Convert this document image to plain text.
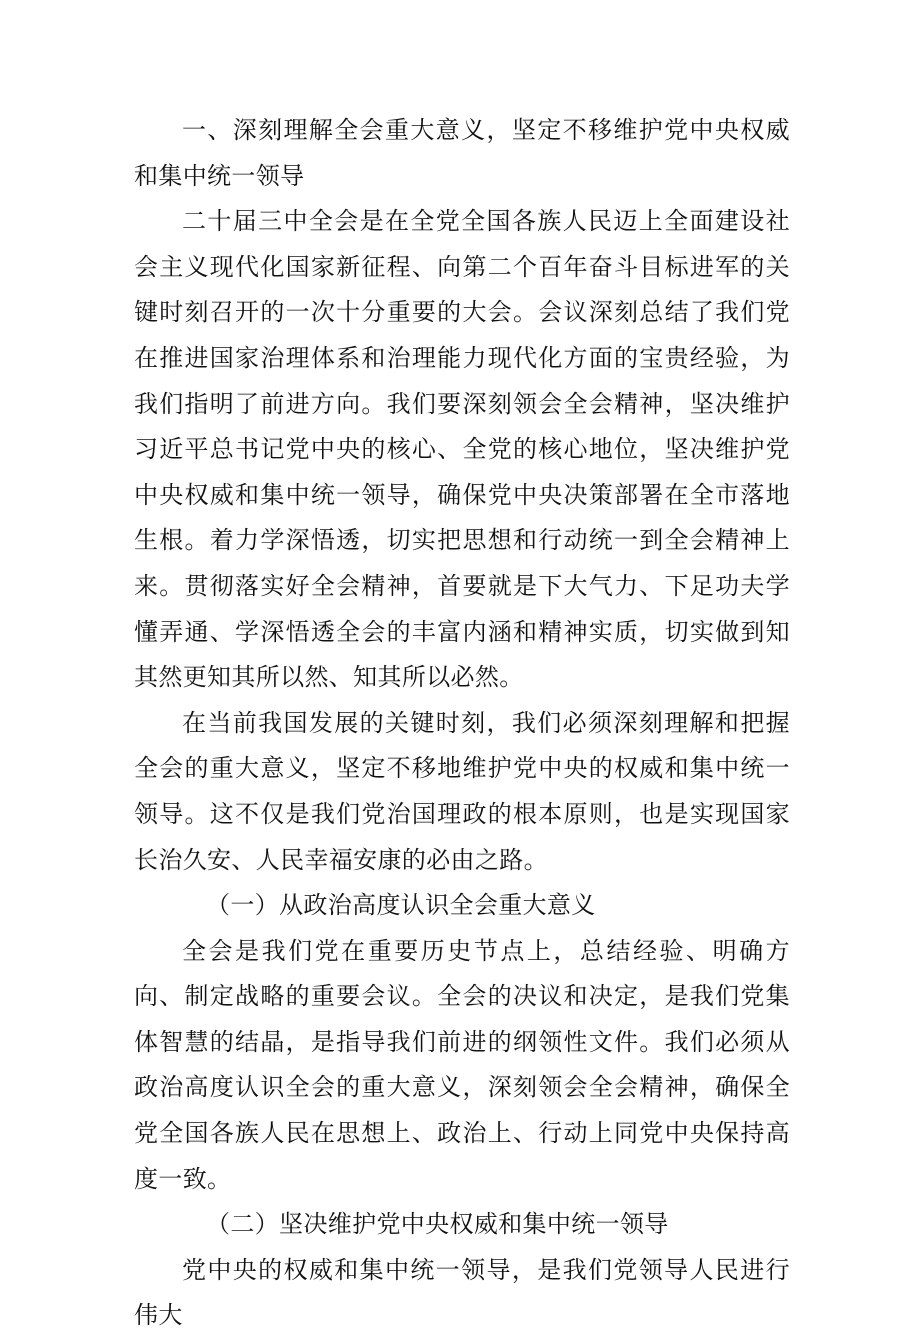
一、深刻理解全会重大意义，坚定不移维护党中央权威和集中统一领导

二十届三中全会是在全党全国各族人民迈上全面建设社会主义现代化国家新征程、向第二个百年奋斗目标进军的关键时刻召开的一次十分重要的大会。会议深刻总结了我们党在推进国家治理体系和治理能力现代化方面的宝贵经验，为我们指明了前进方向。我们要深刻领会全会精神，坚决维护习近平总书记党中央的核心、全党的核心地位，坚决维护党中央权威和集中统一领导，确保党中央决策部署在全市落地生根。着力学深悟透，切实把思想和行动统一到全会精神上来。贯彻落实好全会精神，首要就是下大气力、下足功夫学懂弄通、学深悟透全会的丰富内涵和精神实质，切实做到知其然更知其所以然、知其所以必然。

在当前我国发展的关键时刻，我们必须深刻理解和把握全会的重大意义，坚定不移地维护党中央的权威和集中统一领导。这不仅是我们党治国理政的根本原则，也是实现国家长治久安、人民幸福安康的必由之路。

（一）从政治高度认识全会重大意义

全会是我们党在重要历史节点上，总结经验、明确方向、制定战略的重要会议。全会的决议和决定，是我们党集体智慧的结晶，是指导我们前进的纲领性文件。我们必须从政治高度认识全会的重大意义，深刻领会全会精神，确保全党全国各族人民在思想上、政治上、行动上同党中央保持高度一致。

（二）坚决维护党中央权威和集中统一领导

党中央的权威和集中统一领导，是我们党领导人民进行伟大
